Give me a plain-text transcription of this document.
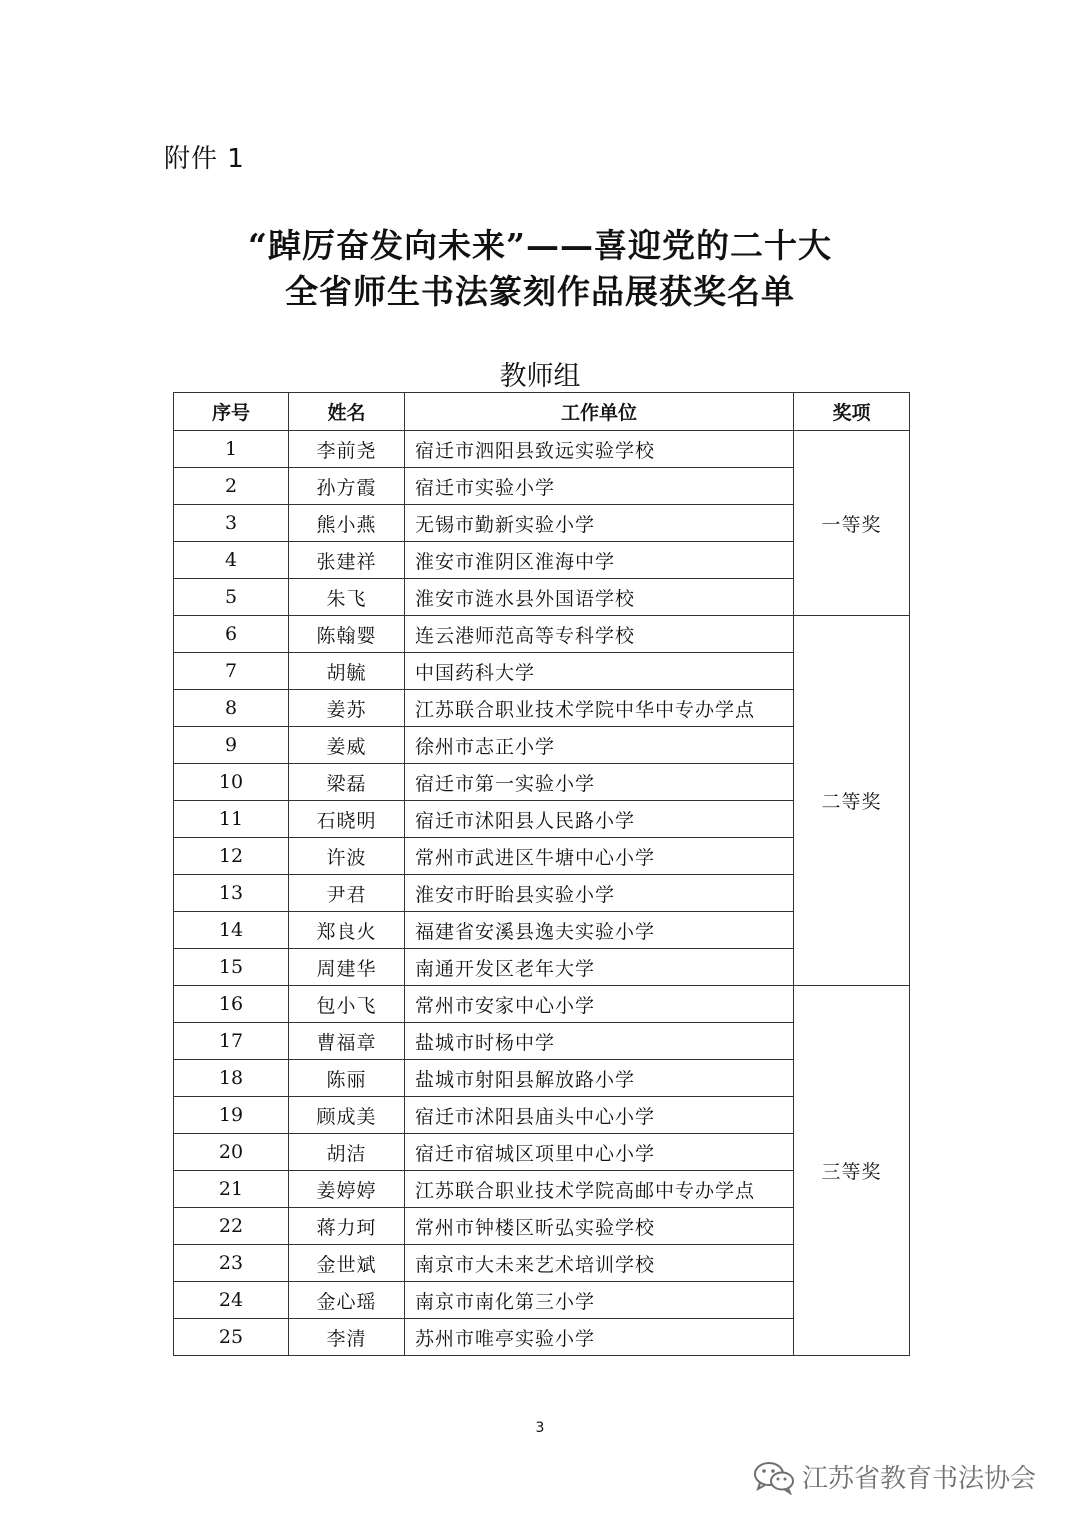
附件 1
“踔厉奋发向未来”——喜迎党的二十大
全省师生书法篆刻作品展获奖名单
教师组
序号	姓名	工作单位	奖项
1	李前尧	宿迁市泗阳县致远实验学校	一等奖
2	孙方霞	宿迁市实验小学	
3	熊小燕	无锡市勤新实验小学	
4	张建祥	淮安市淮阴区淮海中学	
5	朱飞	淮安市涟水县外国语学校	
6	陈翰婴	连云港师范高等专科学校	二等奖
7	胡毓	中国药科大学	
8	姜苏	江苏联合职业技术学院中华中专办学点	
9	姜威	徐州市志正小学	
10	梁磊	宿迁市第一实验小学	
11	石晓明	宿迁市沭阳县人民路小学	
12	许波	常州市武进区牛塘中心小学	
13	尹君	淮安市盱眙县实验小学	
14	郑良火	福建省安溪县逸夫实验小学	
15	周建华	南通开发区老年大学	
16	包小飞	常州市安家中心小学	三等奖
17	曹福章	盐城市时杨中学	
18	陈丽	盐城市射阳县解放路小学	
19	顾成美	宿迁市沭阳县庙头中心小学	
20	胡洁	宿迁市宿城区项里中心小学	
21	姜婷婷	江苏联合职业技术学院高邮中专办学点	
22	蒋力珂	常州市钟楼区昕弘实验学校	
23	金世斌	南京市大未来艺术培训学校	
24	金心瑶	南京市南化第三小学	
25	李清	苏州市唯亭实验小学	
3
江苏省教育书法协会
